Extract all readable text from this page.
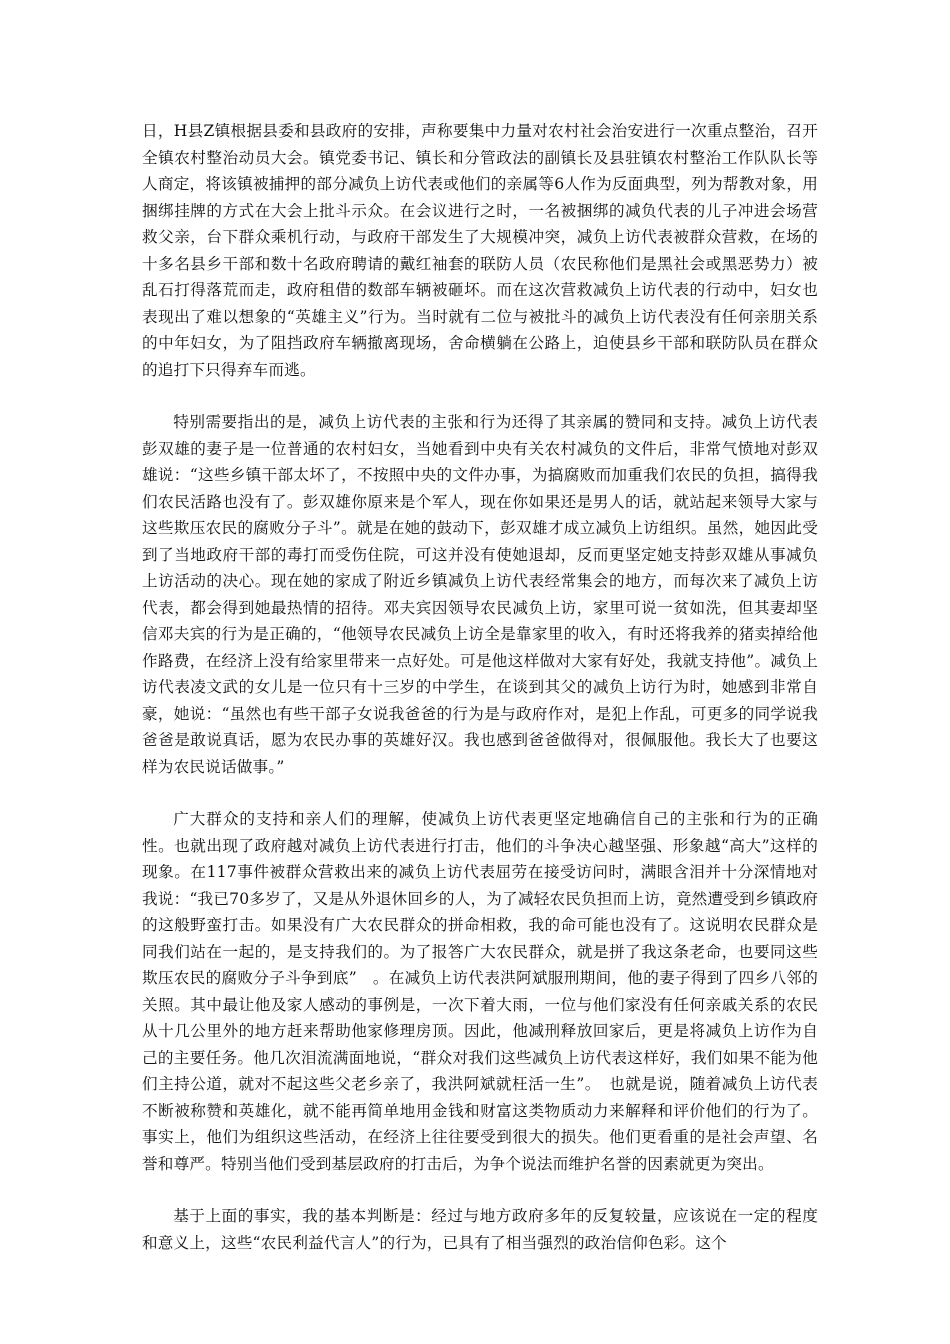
日，H县Z镇根据县委和县政府的安排，声称要集中力量对农村社会治安进行一次重点整治，召开全镇农村整治动员大会。镇党委书记、镇长和分管政法的副镇长及县驻镇农村整治工作队队长等人商定，将该镇被捕押的部分减负上访代表或他们的亲属等6人作为反面典型，列为帮教对象，用捆绑挂牌的方式在大会上批斗示众。在会议进行之时，一名被捆绑的减负代表的儿子冲进会场营救父亲，台下群众乘机行动，与政府干部发生了大规模冲突，减负上访代表被群众营救，在场的十多名县乡干部和数十名政府聘请的戴红袖套的联防人员（农民称他们是黑社会或黑恶势力）被乱石打得落荒而走，政府租借的数部车辆被砸坏。而在这次营救减负上访代表的行动中，妇女也表现出了难以想象的“英雄主义”行为。当时就有二位与被批斗的减负上访代表没有任何亲朋关系的中年妇女，为了阻挡政府车辆撤离现场，舍命横躺在公路上，迫使县乡干部和联防队员在群众的追打下只得弃车而逃。

特别需要指出的是，减负上访代表的主张和行为还得了其亲属的赞同和支持。减负上访代表彭双雄的妻子是一位普通的农村妇女，当她看到中央有关农村减负的文件后，非常气愤地对彭双雄说：“这些乡镇干部太坏了，不按照中央的文件办事，为搞腐败而加重我们农民的负担，搞得我们农民活路也没有了。彭双雄你原来是个军人，现在你如果还是男人的话，就站起来领导大家与这些欺压农民的腐败分子斗”。就是在她的鼓动下，彭双雄才成立减负上访组织。虽然，她因此受到了当地政府干部的毒打而受伤住院，可这并没有使她退却，反而更坚定她支持彭双雄从事减负上访活动的决心。现在她的家成了附近乡镇减负上访代表经常集会的地方，而每次来了减负上访代表，都会得到她最热情的招待。邓夫宾因领导农民减负上访，家里可说一贫如洗，但其妻却坚信邓夫宾的行为是正确的，“他领导农民减负上访全是靠家里的收入，有时还将我养的猪卖掉给他作路费，在经济上没有给家里带来一点好处。可是他这样做对大家有好处，我就支持他”。减负上访代表凌文武的女儿是一位只有十三岁的中学生，在谈到其父的减负上访行为时，她感到非常自豪，她说：“虽然也有些干部子女说我爸爸的行为是与政府作对，是犯上作乱，可更多的同学说我爸爸是敢说真话，愿为农民办事的英雄好汉。我也感到爸爸做得对，很佩服他。我长大了也要这样为农民说话做事。”

广大群众的支持和亲人们的理解，使减负上访代表更坚定地确信自己的主张和行为的正确性。也就出现了政府越对减负上访代表进行打击，他们的斗争决心越坚强、形象越“高大”这样的现象。在117事件被群众营救出来的减负上访代表屈劳在接受访问时，满眼含泪并十分深情地对我说：“我已70多岁了，又是从外退休回乡的人，为了减轻农民负担而上访，竟然遭受到乡镇政府的这般野蛮打击。如果没有广大农民群众的拼命相救，我的命可能也没有了。这说明农民群众是同我们站在一起的，是支持我们的。为了报答广大农民群众，就是拼了我这条老命，也要同这些欺压农民的腐败分子斗争到底”　。在减负上访代表洪阿斌服刑期间，他的妻子得到了四乡八邻的关照。其中最让他及家人感动的事例是，一次下着大雨，一位与他们家没有任何亲戚关系的农民从十几公里外的地方赶来帮助他家修理房顶。因此，他减刑释放回家后，更是将减负上访作为自己的主要任务。他几次泪流满面地说，“群众对我们这些减负上访代表这样好，我们如果不能为他们主持公道，就对不起这些父老乡亲了，我洪阿斌就枉活一生”。　也就是说，随着减负上访代表不断被称赞和英雄化，就不能再简单地用金钱和财富这类物质动力来解释和评价他们的行为了。事实上，他们为组织这些活动，在经济上往往要受到很大的损失。他们更看重的是社会声望、名誉和尊严。特别当他们受到基层政府的打击后，为争个说法而维护名誉的因素就更为突出。

基于上面的事实，我的基本判断是：经过与地方政府多年的反复较量，应该说在一定的程度和意义上，这些“农民利益代言人”的行为，已具有了相当强烈的政治信仰色彩。这个
